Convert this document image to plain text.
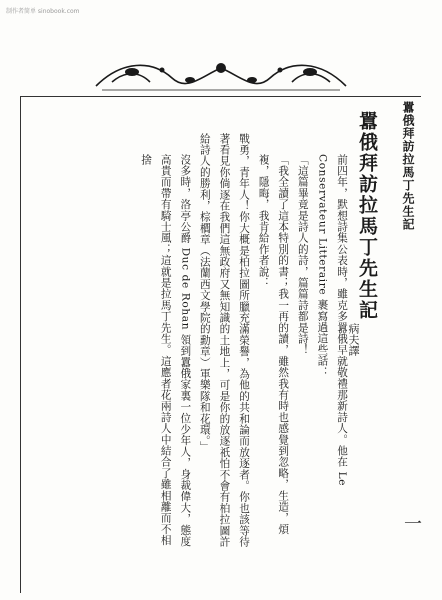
制作者简单 sinobook.com
囂俄拜訪拉馬丁先生記
一
囂俄拜訪拉馬丁先生記
病夫譯

前四年，默想詩集公表時，雖克多囂俄早就敬禮那新詩人。他在 Le Conservateur Litteraire 裹寫過這些話：

「這篇畢竟是詩人的詩，篇篇詩都是詩！

「我全讀了這本特別的書；我一再的讀，雖然我有時也感覺到忽略，生造，煩複，隱晦，我肯給作者說：

戰勇，青年人！你大概是柏拉圖所臘充滿榮譽，為他的共和論而放逐者。你也該等待著看見你倘逐在我們這無政府又無知識的土地上，可是你的放逐祇怕不會有柏拉圖許給詩人的勝利，棕櫚章（法蘭西文學院的勳章）軍樂隊和花環。」

沒多時，洛亭公爵 Duc de Rohan 領到囂俄家裏一位少年人，身裁偉大，態度高貴而帶有騎士風；這就是拉馬丁先生。這應者花兩詩人中結合了雖相離而不相捨
